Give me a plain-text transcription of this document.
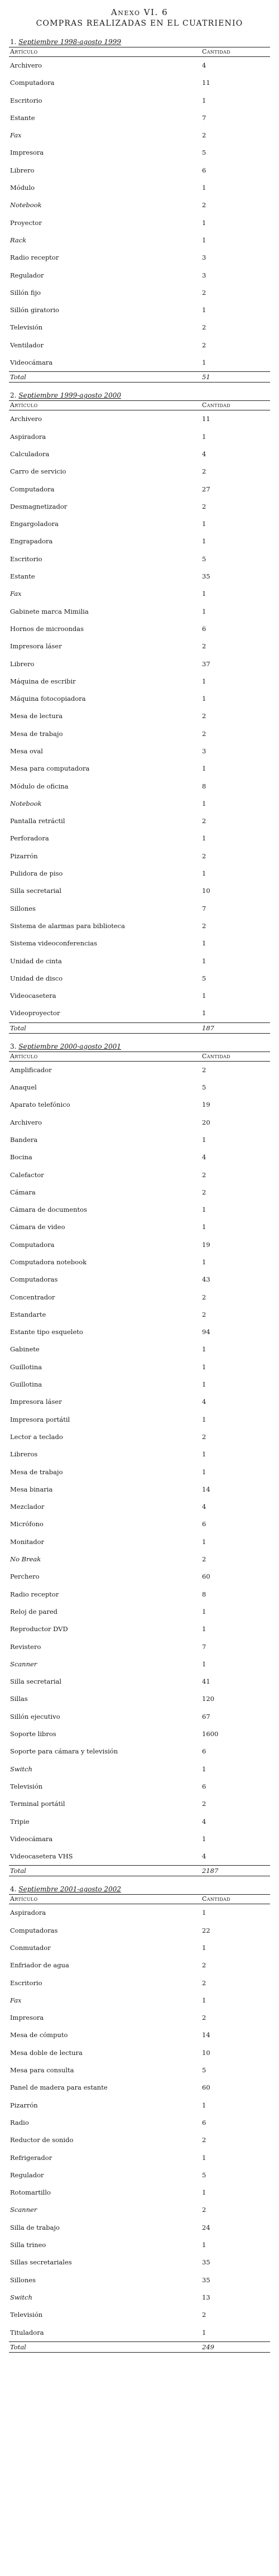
Anexo VI. 6
COMPRAS REALIZADAS EN EL CUATRIENIO
1. Septiembre 1998-agosto 1999
Artículo	Cantidad
Archivero	4
Computadora	11
Escritorio	1
Estante	7
Fax	2
Impresora	5
Librero	6
Módulo	1
Notebook	2
Proyector	1
Rack	1
Radio receptor	3
Regulador	3
Sillón fijo	2
Sillón giratorio	1
Televisión	2
Ventilador	2
Videocámara	1
Total	51
2. Septiembre 1999-agosto 2000
Artículo	Cantidad
Archivero	11
Aspiradora	1
Calculadora	4
Carro de servicio	2
Computadora	27
Desmagnetizador	2
Engargoladora	1
Engrapadora	1
Escritorio	5
Estante	35
Fax	1
Gabinete marca Mimilia	1
Hornos de microondas	6
Impresora láser	2
Librero	37
Máquina de escribir	1
Máquina fotocopiadora	1
Mesa de lectura	2
Mesa de trabajo	2
Mesa oval	3
Mesa para computadora	1
Módulo de oficina	8
Notebook	1
Pantalla retráctil	2
Perforadora	1
Pizarrón	2
Pulidora de piso	1
Silla secretarial	10
Sillones	7
Sistema de alarmas para biblioteca	2
Sistema videoconferencias	1
Unidad de cinta	1
Unidad de disco	5
Videocasetera	1
Videoproyector	1
Total	187
3. Septiembre 2000-agosto 2001
Artículo	Cantidad
Amplificador	2
Anaquel	5
Aparato telefónico	19
Archivero	20
Bandera	1
Bocina	4
Calefactor	2
Cámara	2
Cámara de documentos	1
Cámara de video	1
Computadora	19
Computadora notebook	1
Computadoras	43
Concentrador	2
Estandarte	2
Estante tipo esqueleto	94
Gabinete	1
Guillotina	1
Guillotina	1
Impresora láser	4
Impresora portátil	1
Lector a teclado	2
Libreros	1
Mesa de trabajo	1
Mesa binaria	14
Mezclador	4
Micrófono	6
Monitador	1
No Break	2
Perchero	60
Radio receptor	8
Reloj de pared	1
Reproductor DVD	1
Revistero	7
Scanner	1
Silla secretarial	41
Sillas	120
Sillón ejecutivo	67
Soporte libros	1600
Soporte para cámara y televisión	6
Switch	1
Televisión	6
Terminal portátil	2
Tripie	4
Videocámara	1
Videocasetera VHS	4
Total	2187
4. Septiembre 2001-agosto 2002
Artículo	Cantidad
Aspiradora	1
Computadoras	22
Conmutador	1
Enfriador de agua	2
Escritorio	2
Fax	1
Impresora	2
Mesa de cómputo	14
Mesa doble de lectura	10
Mesa para consulta	5
Panel de madera para estante	60
Pizarrón	1
Radio	6
Reductor de sonido	2
Refrigerador	1
Regulador	5
Rotomartillo	1
Scanner	2
Silla de trabajo	24
Silla trineo	1
Sillas secretariales	35
Sillones	35
Switch	13
Televisión	2
Tituladora	1
Total	249
